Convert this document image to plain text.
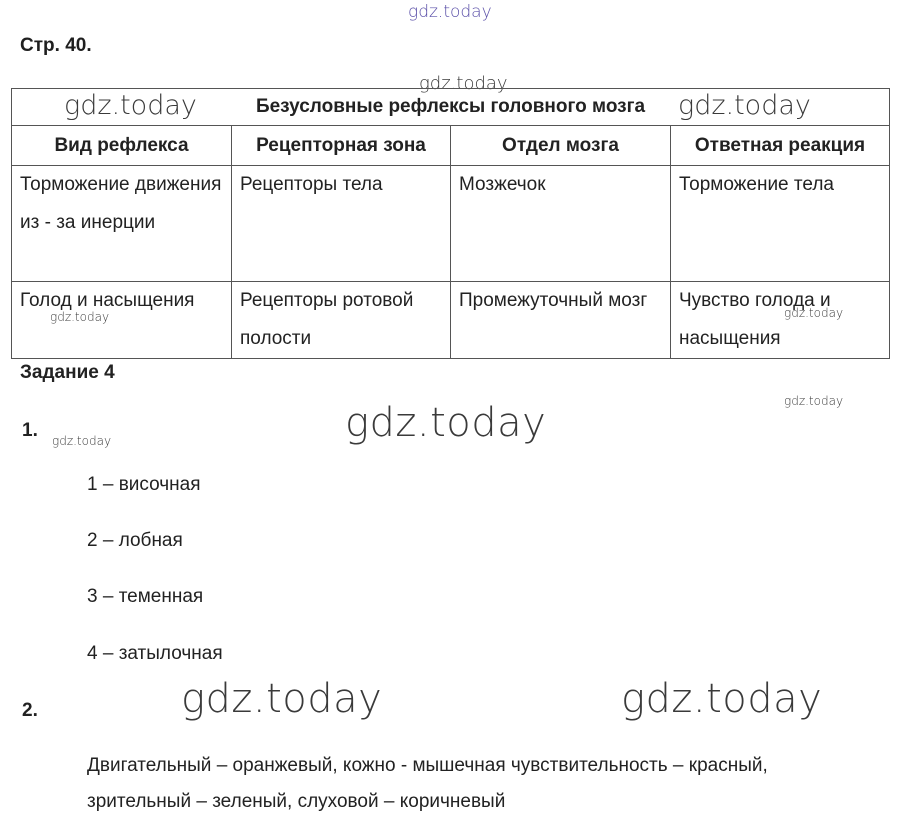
gdz.today
gdz.today
Стр. 40.
Безусловные рефлексы головного мозга			
Вид рефлекса	Рецепторная зона	Отдел мозга	Ответная реакция
Торможение движения из - за инерции	Рецепторы тела	Мозжечок	Торможение тела
Голод и насыщения	Рецепторы ротовой полости	Промежуточный мозг	Чувство голода и насыщения
gdz.today	gdz.today
gdz.today	gdz.today
Задание 4
gdz.today
1. gdz.today	gdz.today
1 – височная
2 – лобная
3 – теменная
4 – затылочная
2.	gdz.today	gdz.today
Двигательный – оранжевый, кожно - мышечная чувствительность – красный, зрительный – зеленый, слуховой – коричневый
